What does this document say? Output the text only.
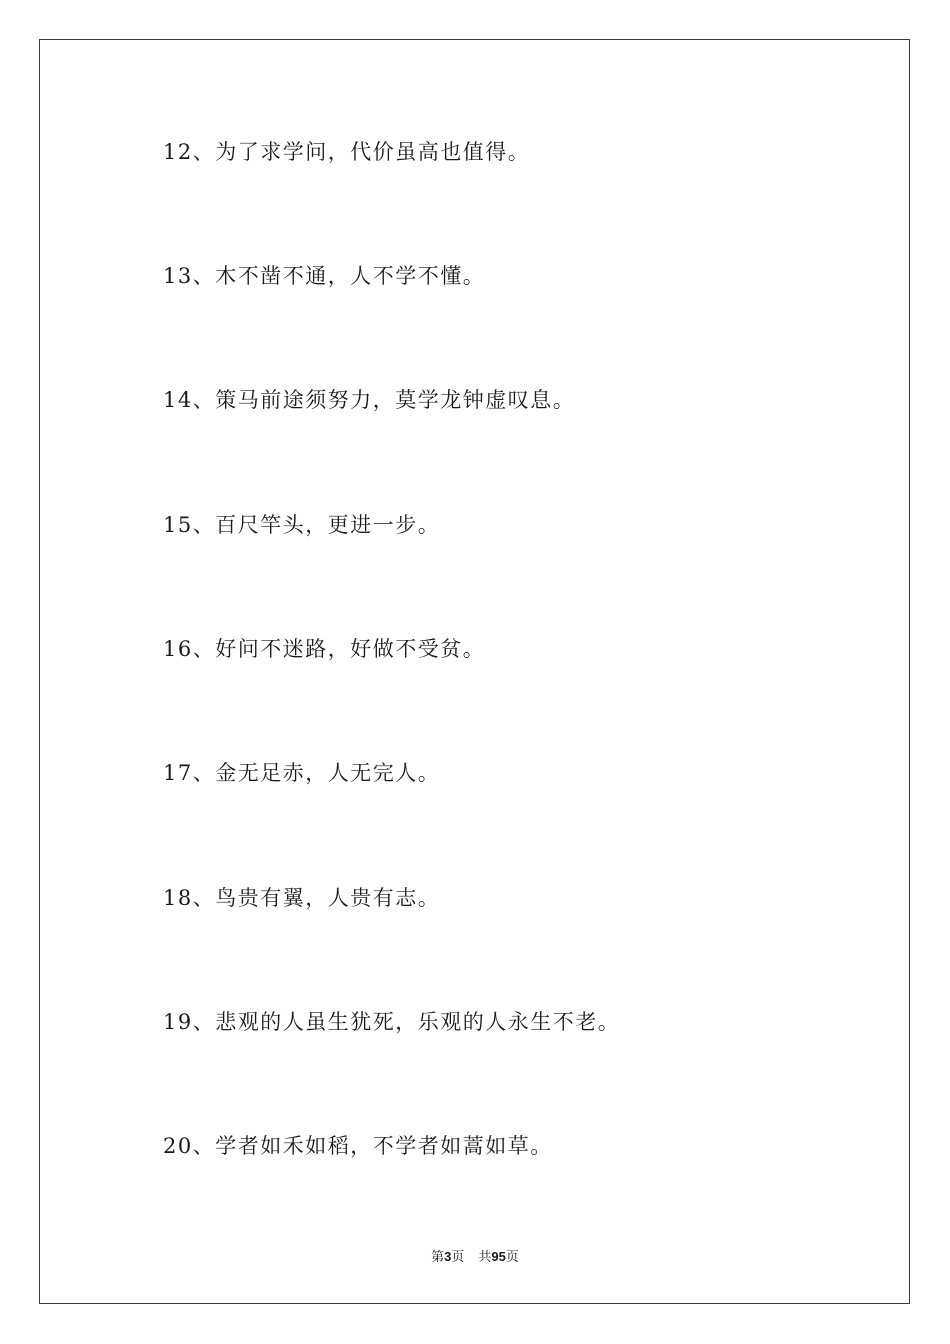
12、为了求学问，代价虽高也值得。
13、木不凿不通，人不学不懂。
14、策马前途须努力，莫学龙钟虚叹息。
15、百尺竿头，更进一步。
16、好问不迷路，好做不受贫。
17、金无足赤，人无完人。
18、鸟贵有翼，人贵有志。
19、悲观的人虽生犹死，乐观的人永生不老。
20、学者如禾如稻，不学者如蒿如草。
第3页 共95页
